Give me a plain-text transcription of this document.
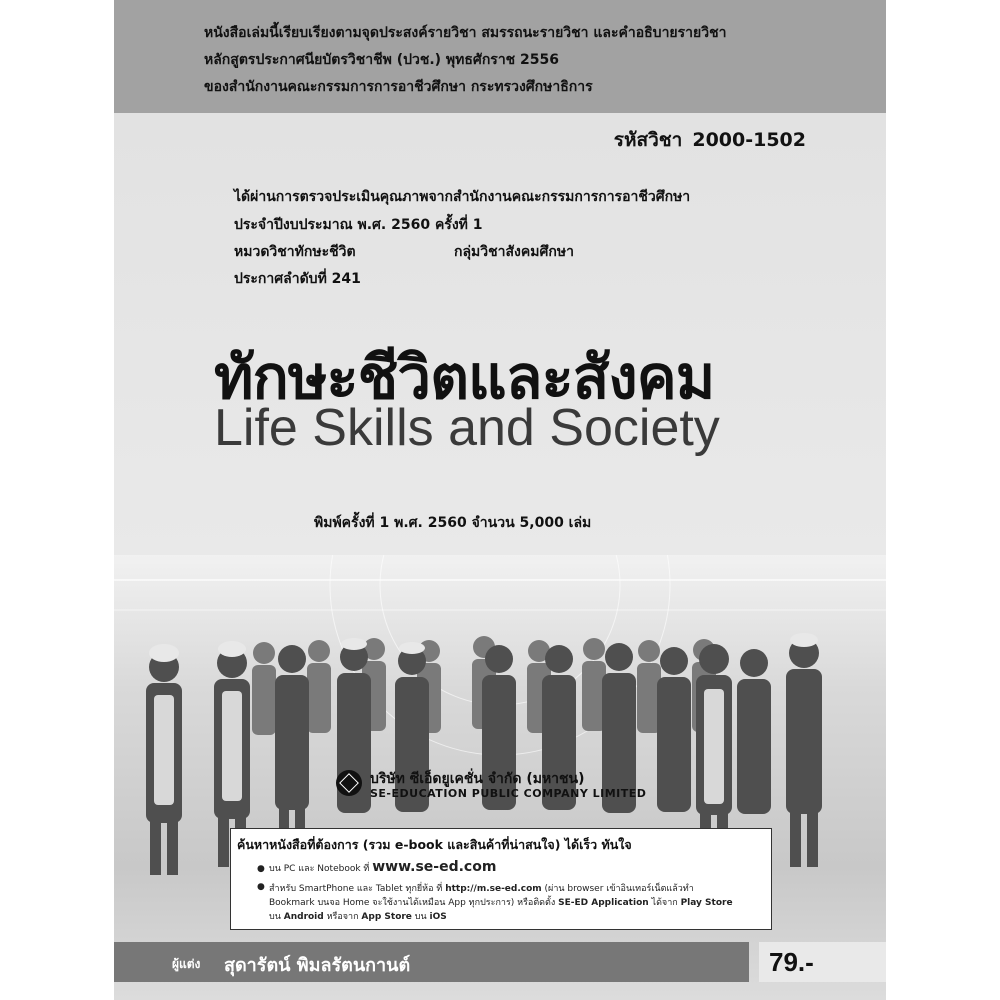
หนังสือเล่มนี้เรียบเรียงตามจุดประสงค์รายวิชา สมรรถนะรายวิชา และคำอธิบายรายวิชา
หลักสูตรประกาศนียบัตรวิชาชีพ (ปวช.) พุทธศักราช 2556
ของสำนักงานคณะกรรมการการอาชีวศึกษา กระทรวงศึกษาธิการ
รหัสวิชา 2000-1502
ได้ผ่านการตรวจประเมินคุณภาพจากสำนักงานคณะกรรมการการอาชีวศึกษา
ประจำปีงบประมาณ พ.ศ. 2560 ครั้งที่ 1
หมวดวิชาทักษะชีวิต	กลุ่มวิชาสังคมศึกษา
ประกาศลำดับที่ 241
ทักษะชีวิตและสังคม
Life Skills and Society
พิมพ์ครั้งที่ 1 พ.ศ. 2560 จำนวน 5,000 เล่ม
บริษัท ซีเอ็ดยูเคชั่น จำกัด (มหาชน)
SE-EDUCATION PUBLIC COMPANY LIMITED
ค้นหาหนังสือที่ต้องการ (รวม e-book และสินค้าที่น่าสนใจ) ได้เร็ว ทันใจ
● บน PC และ Notebook ที่ www.se-ed.com
● สำหรับ SmartPhone และ Tablet ทุกยี่ห้อ ที่ http://m.se-ed.com (ผ่าน browser เข้าอินเทอร์เน็ตแล้วทำ
Bookmark บนจอ Home จะใช้งานได้เหมือน App ทุกประการ) หรือติดตั้ง SE-ED Application ได้จาก Play Store
บน Android หรือจาก App Store บน iOS
ผู้แต่ง สุดารัตน์ พิมลรัตนกานต์	79.-
